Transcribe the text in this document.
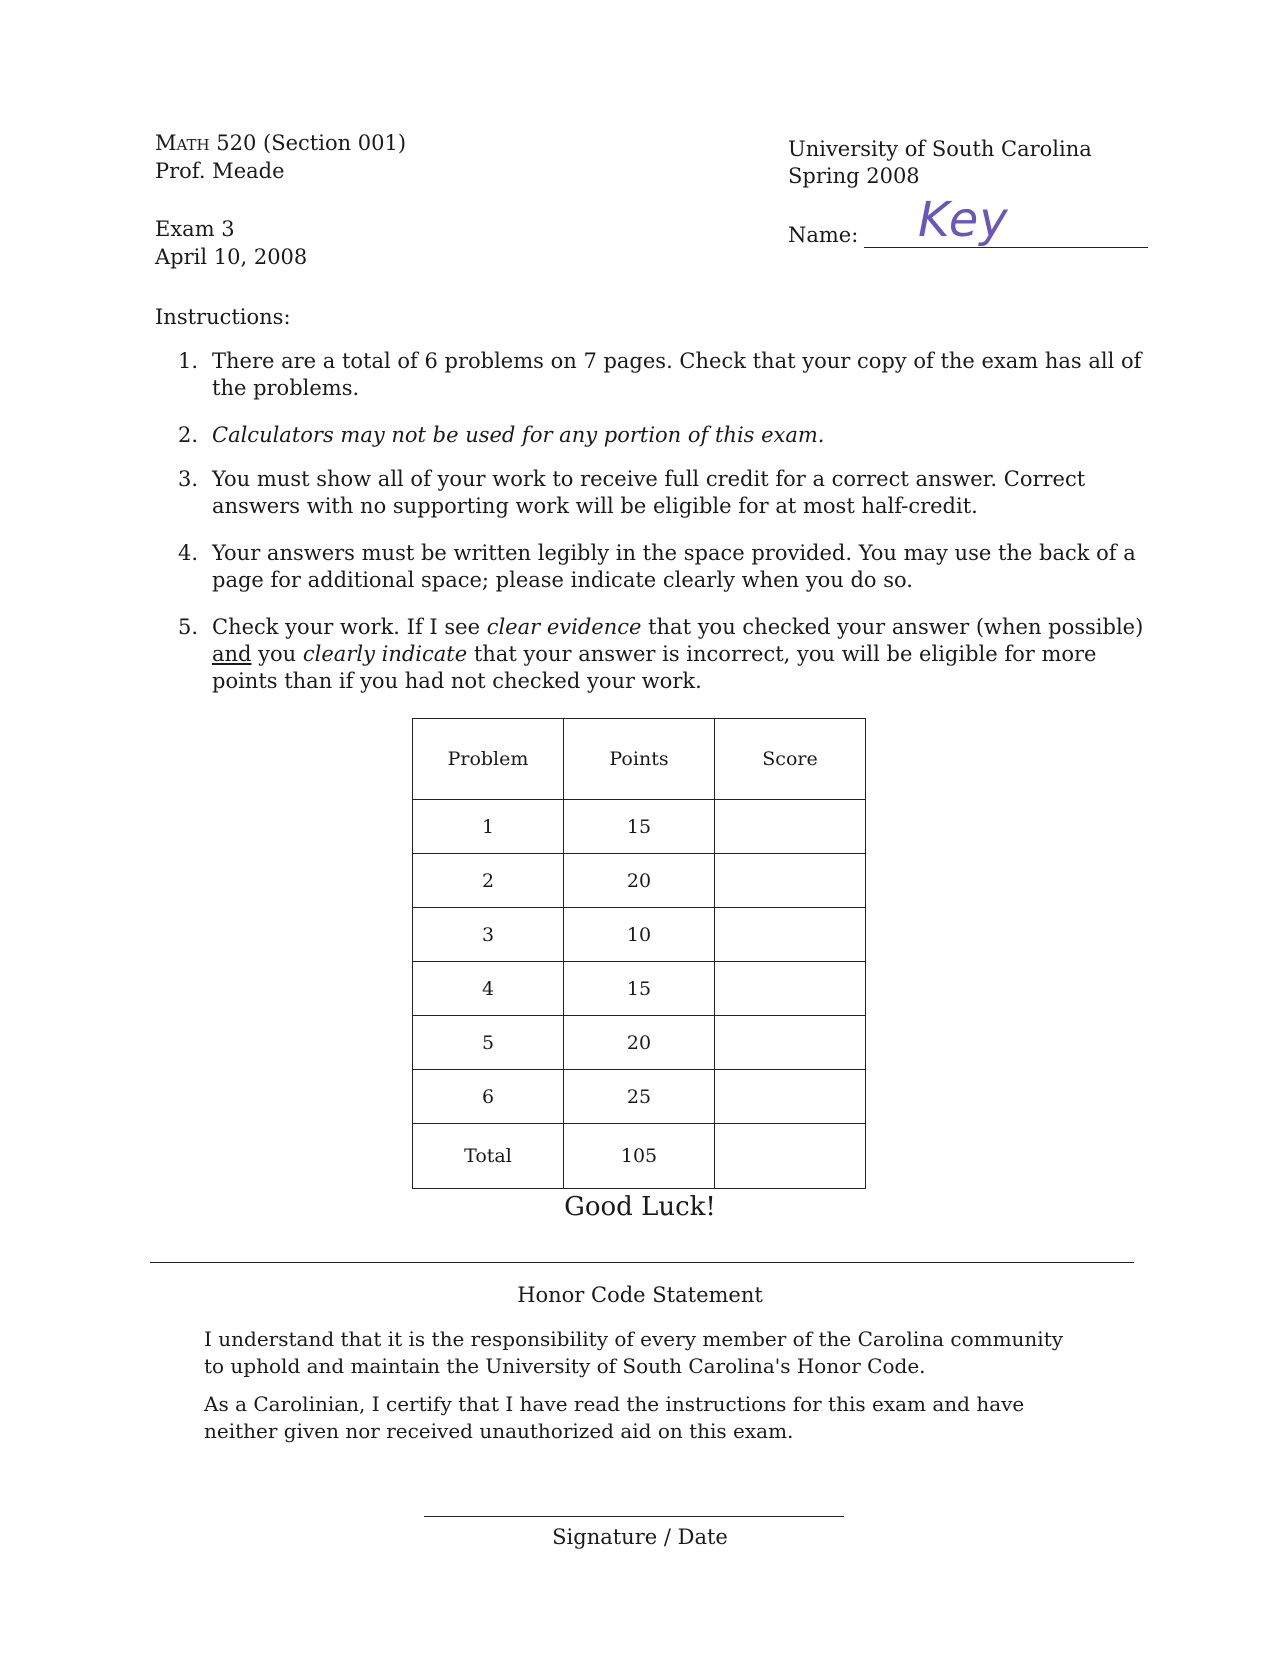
Math 520 (Section 001)
Prof. Meade
Exam 3
April 10, 2008
University of South Carolina
Spring 2008
Name: Key
Instructions:
1. There are a total of 6 problems on 7 pages. Check that your copy of the exam has all of the problems.
2. Calculators may not be used for any portion of this exam.
3. You must show all of your work to receive full credit for a correct answer. Correct answers with no supporting work will be eligible for at most half-credit.
4. Your answers must be written legibly in the space provided. You may use the back of a page for additional space; please indicate clearly when you do so.
5. Check your work. If I see clear evidence that you checked your answer (when possible) and you clearly indicate that your answer is incorrect, you will be eligible for more points than if you had not checked your work.
Problem	Points	Score
1	15	
2	20	
3	10	
4	15	
5	20	
6	25	
Total	105	
Good Luck!
Honor Code Statement
I understand that it is the responsibility of every member of the Carolina community to uphold and maintain the University of South Carolina's Honor Code.
As a Carolinian, I certify that I have read the instructions for this exam and have neither given nor received unauthorized aid on this exam.
Signature / Date
